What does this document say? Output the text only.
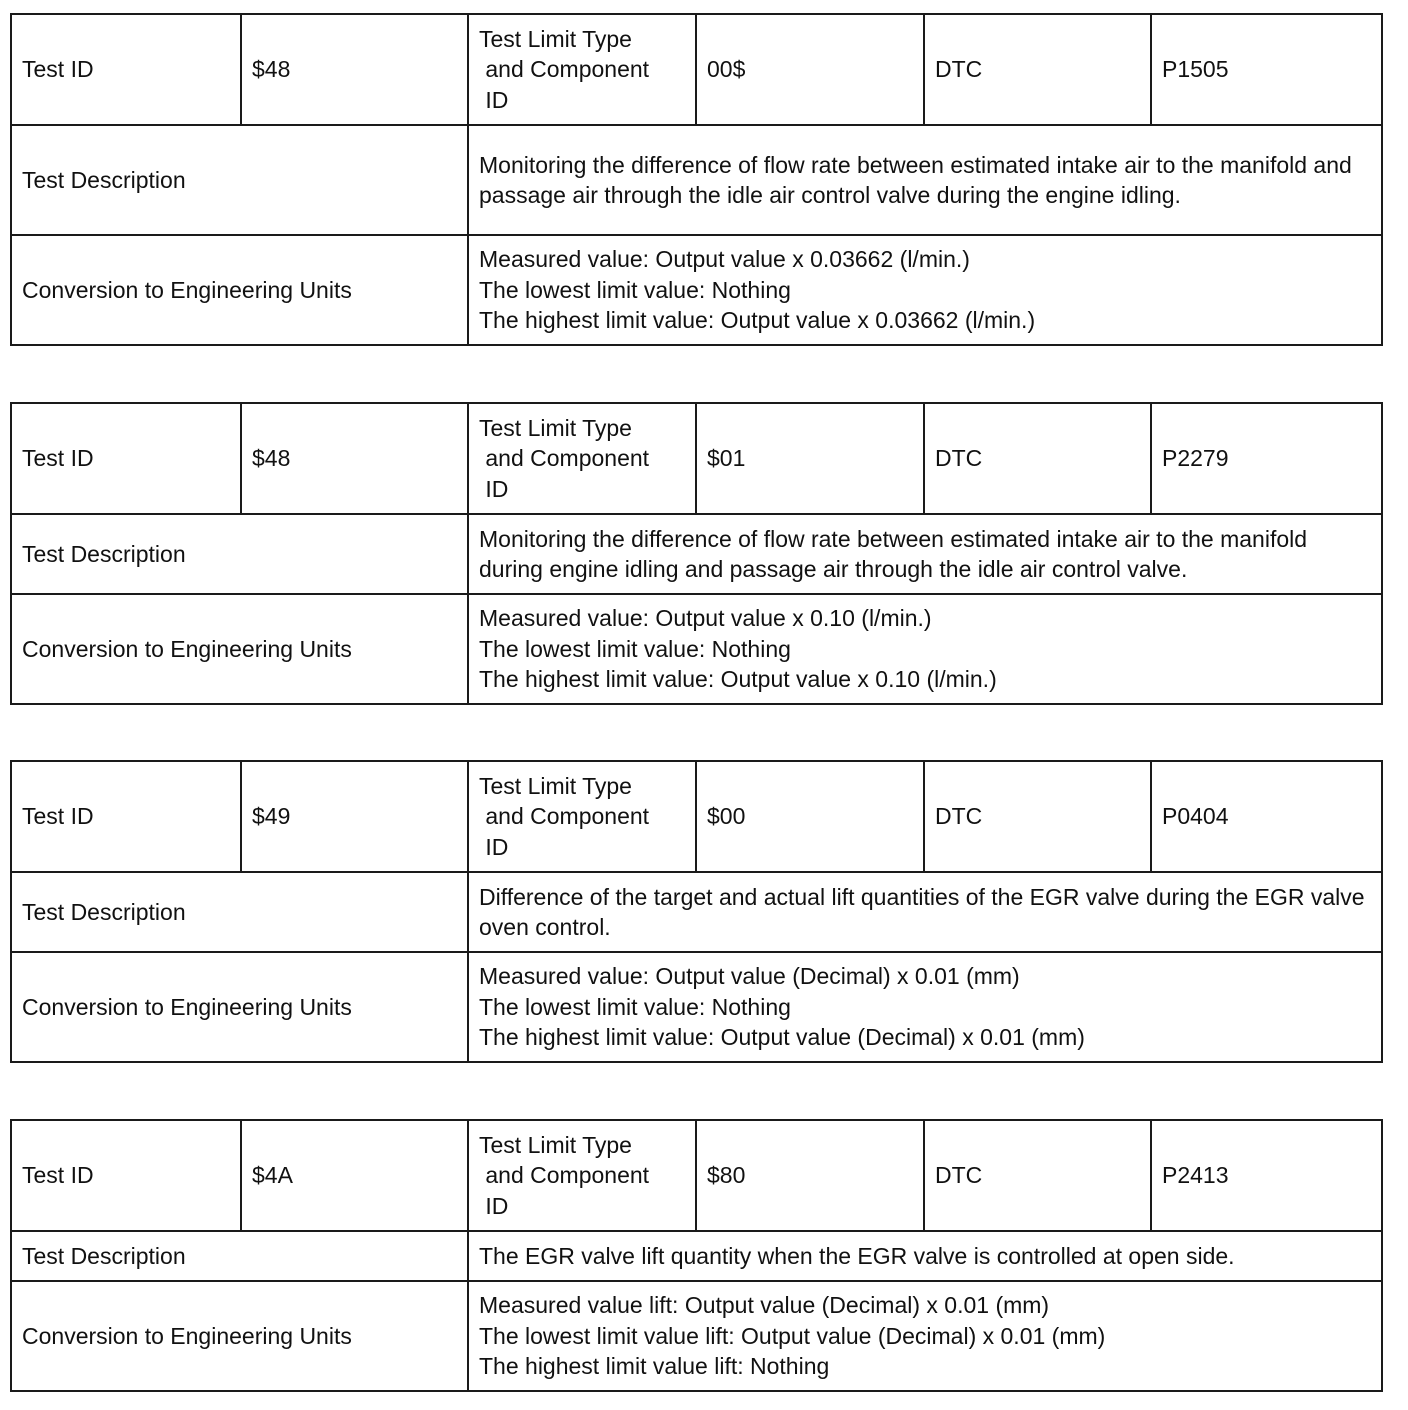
Test ID	$48	Test Limit Type
and Component
ID	00$	DTC	P1505
Test Description		Monitoring the difference of flow rate between estimated intake air to the manifold and passage air through the idle air control valve during the engine idling.			
Conversion to Engineering Units		Measured value: Output value x 0.03662 (l/min.)
The lowest limit value: Nothing
The highest limit value: Output value x 0.03662 (l/min.)			
Test ID	$48	Test Limit Type
and Component
ID	$01	DTC	P2279
Test Description		Monitoring the difference of flow rate between estimated intake air to the manifold during engine idling and passage air through the idle air control valve.			
Conversion to Engineering Units		Measured value: Output value x 0.10 (l/min.)
The lowest limit value: Nothing
The highest limit value: Output value x 0.10 (l/min.)			
Test ID	$49	Test Limit Type
and Component
ID	$00	DTC	P0404
Test Description		Difference of the target and actual lift quantities of the EGR valve during the EGR valve oven control.			
Conversion to Engineering Units		Measured value: Output value (Decimal) x 0.01 (mm)
The lowest limit value: Nothing
The highest limit value: Output value (Decimal) x 0.01 (mm)			
Test ID	$4A	Test Limit Type
and Component
ID	$80	DTC	P2413
Test Description		The EGR valve lift quantity when the EGR valve is controlled at open side.			
Conversion to Engineering Units		Measured value lift: Output value (Decimal) x 0.01 (mm)
The lowest limit value lift: Output value (Decimal) x 0.01 (mm)
The highest limit value lift: Nothing			
